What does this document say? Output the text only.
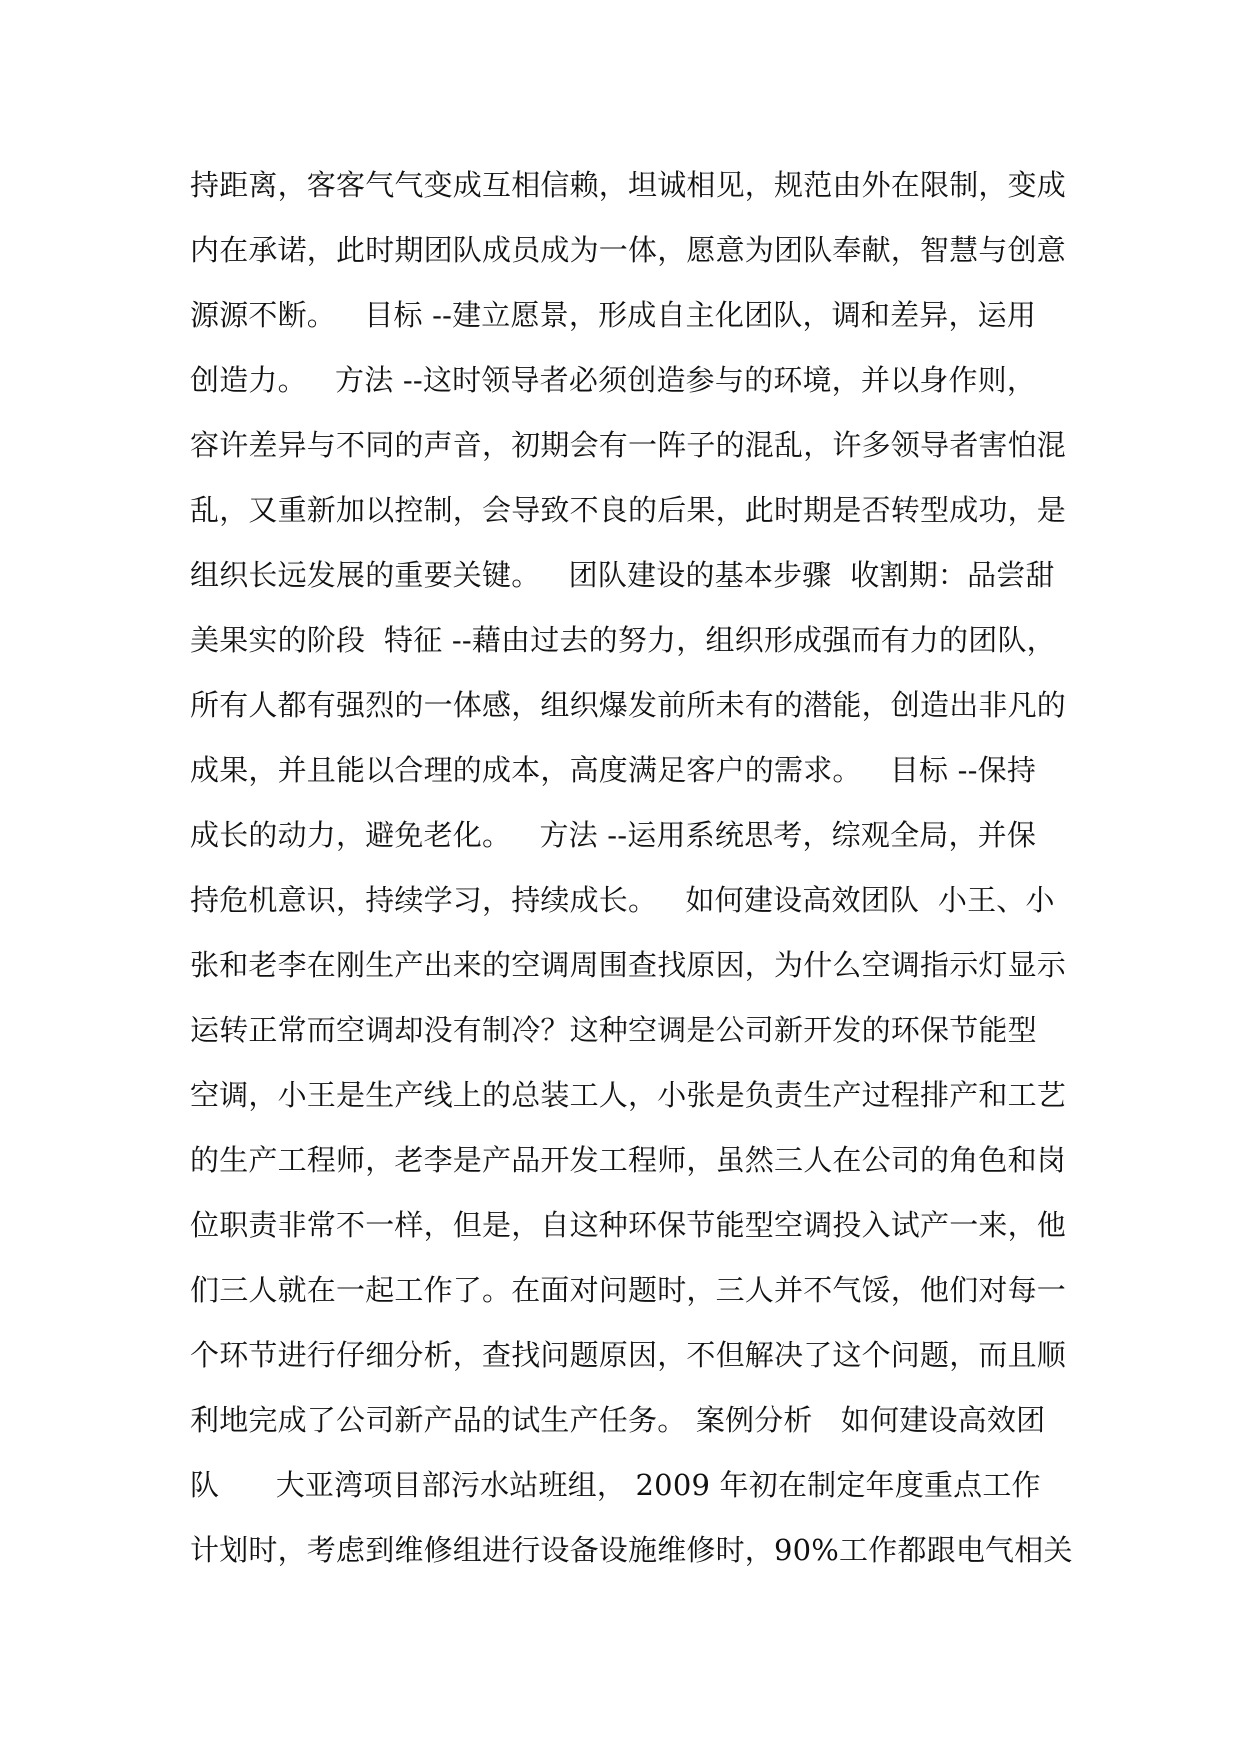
持距离，客客气气变成互相信赖，坦诚相见，规范由外在限制，变成
内在承诺，此时期团队成员成为一体，愿意为团队奉献，智慧与创意
源源不断。   目标 --建立愿景，形成自主化团队，调和差异，运用
创造力。   方法 --这时领导者必须创造参与的环境，并以身作则，
容许差异与不同的声音，初期会有一阵子的混乱，许多领导者害怕混
乱，又重新加以控制，会导致不良的后果，此时期是否转型成功，是
组织长远发展的重要关键。   团队建设的基本步骤  收割期：品尝甜
美果实的阶段  特征 --藉由过去的努力，组织形成强而有力的团队，
所有人都有强烈的一体感，组织爆发前所未有的潜能，创造出非凡的
成果，并且能以合理的成本，高度满足客户的需求。   目标 --保持
成长的动力，避免老化。   方法 --运用系统思考，综观全局，并保
持危机意识，持续学习，持续成长。   如何建设高效团队  小王、小
张和老李在刚生产出来的空调周围查找原因，为什么空调指示灯显示
运转正常而空调却没有制冷？这种空调是公司新开发的环保节能型
空调，小王是生产线上的总装工人，小张是负责生产过程排产和工艺
的生产工程师，老李是产品开发工程师，虽然三人在公司的角色和岗
位职责非常不一样，但是，自这种环保节能型空调投入试产一来，他
们三人就在一起工作了。在面对问题时，三人并不气馁，他们对每一
个环节进行仔细分析，查找问题原因，不但解决了这个问题，而且顺
利地完成了公司新产品的试生产任务。 案例分析   如何建设高效团
队      大亚湾项目部污水站班组， 2009 年初在制定年度重点工作
计划时，考虑到维修组进行设备设施维修时，90%工作都跟电气相关
